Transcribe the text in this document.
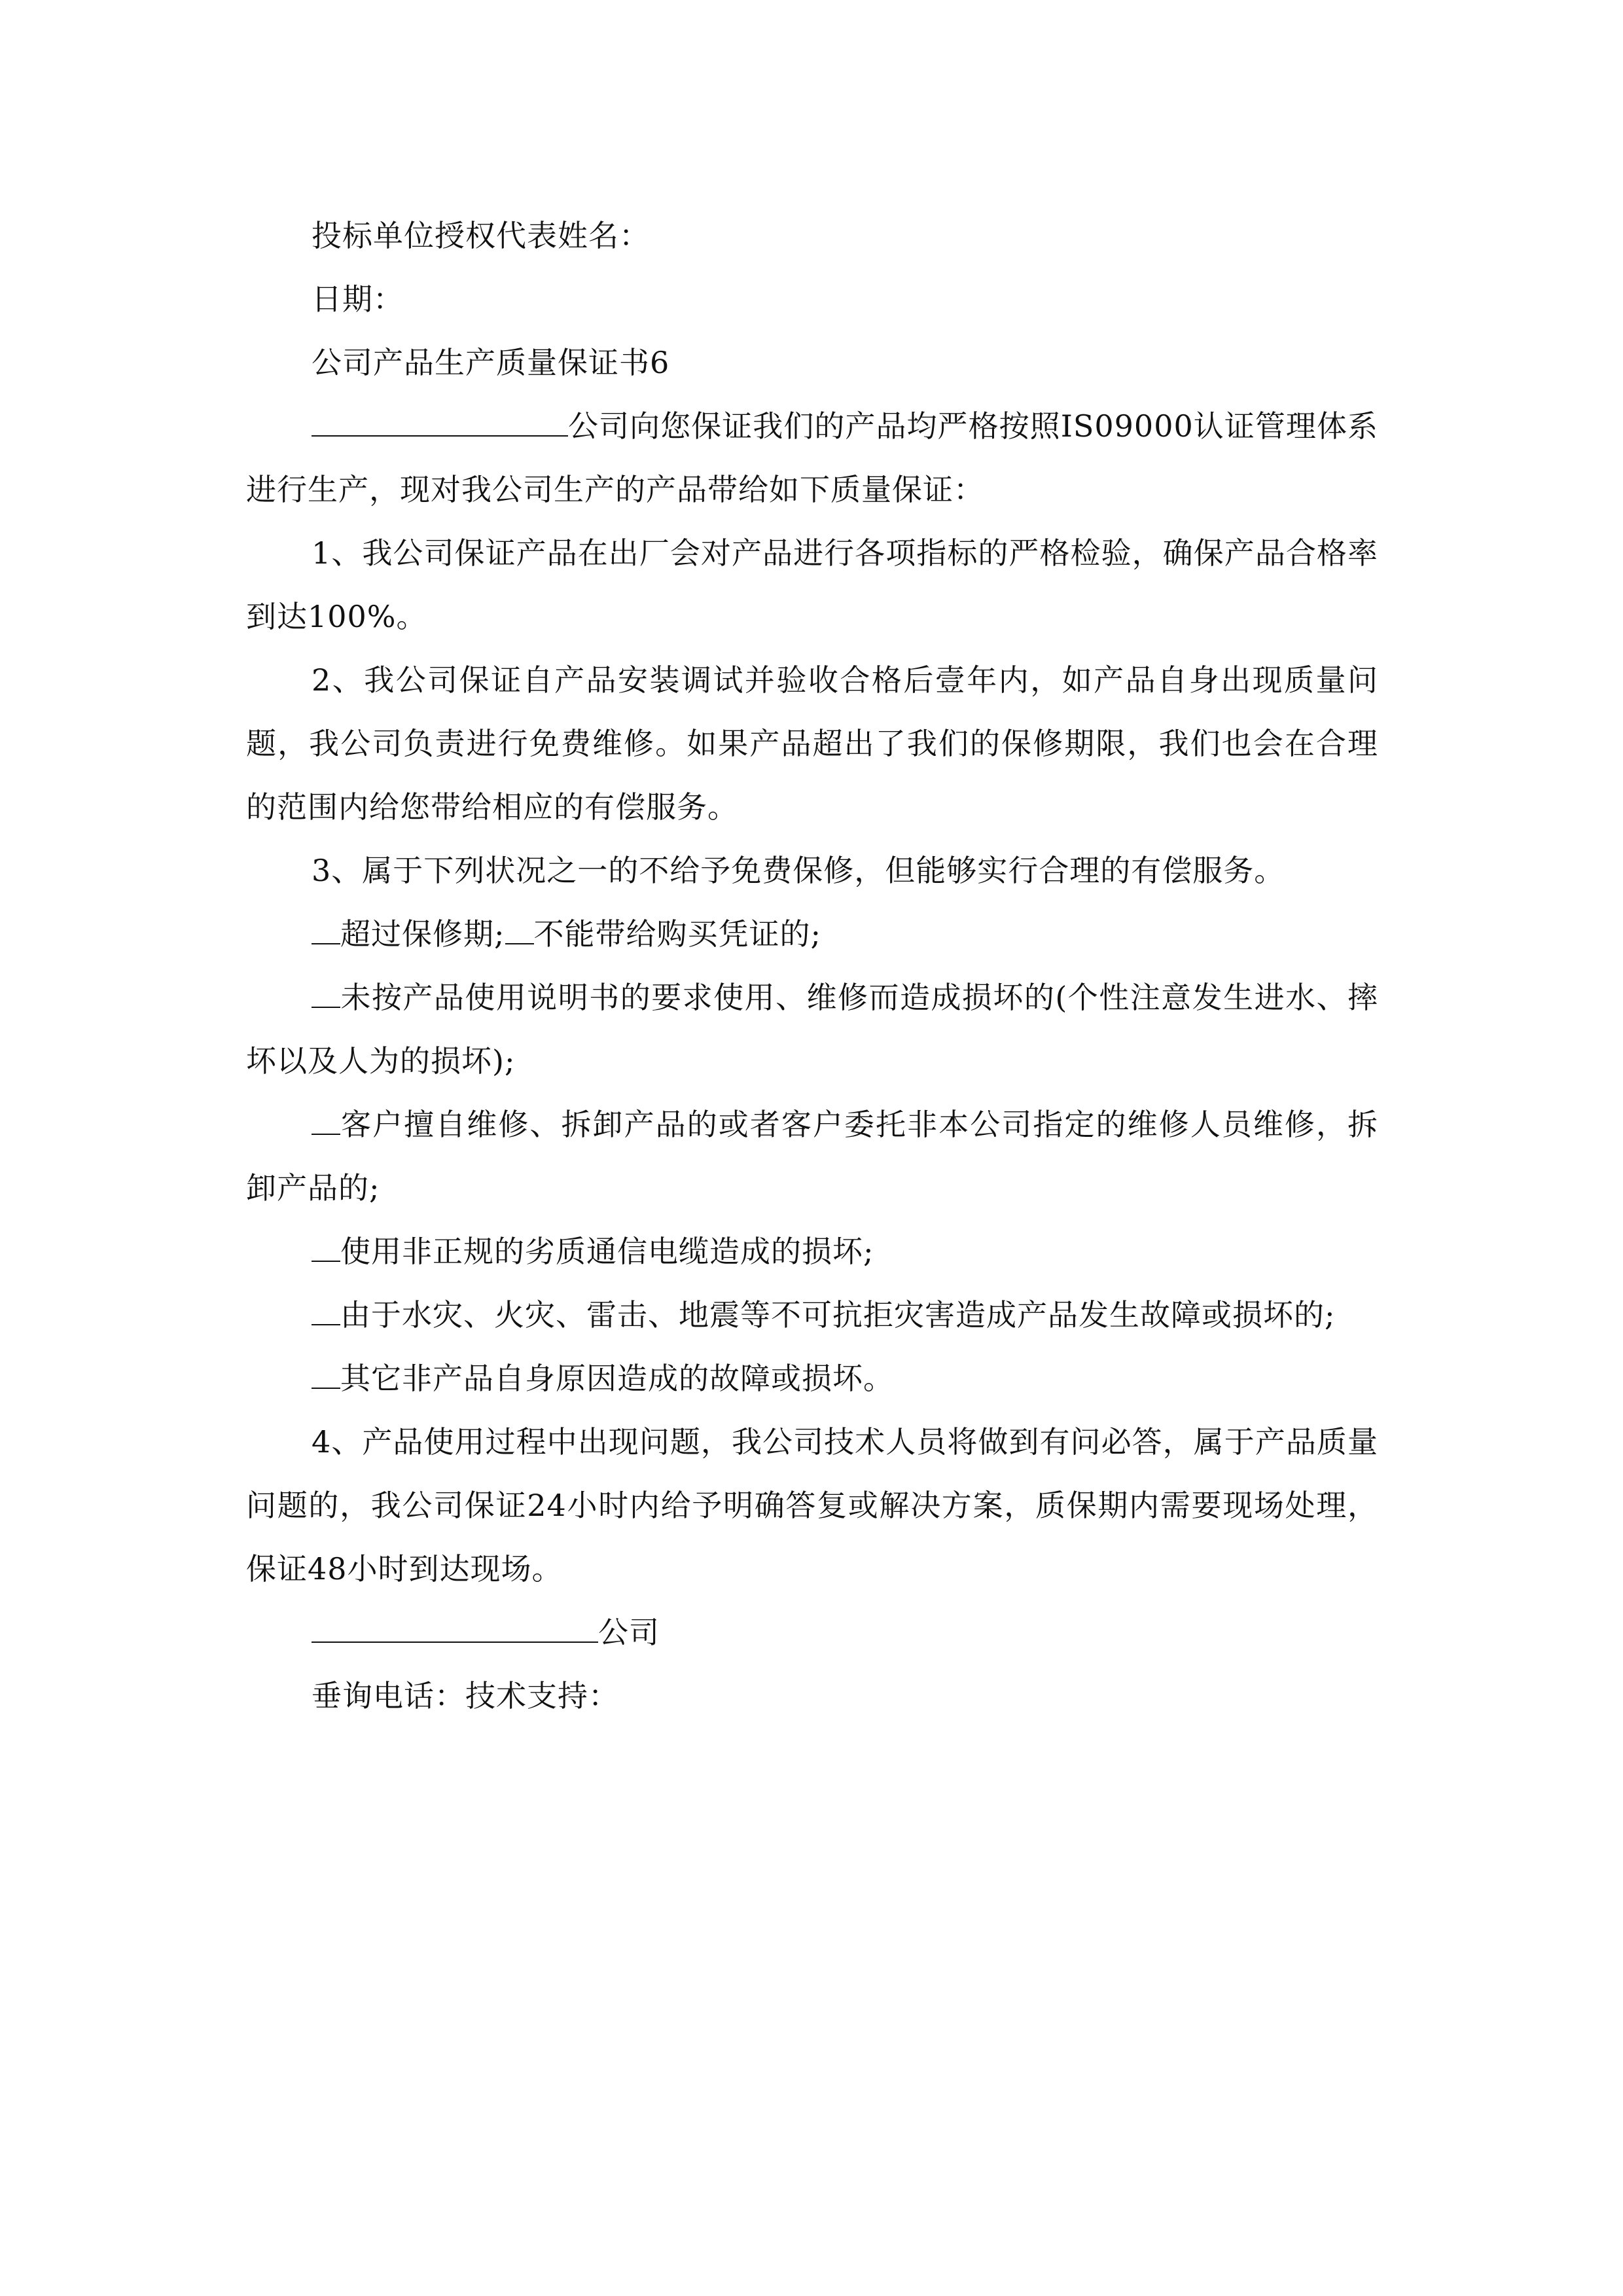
投标单位授权代表姓名：

日期：

公司产品生产质量保证书6

公司向您保证我们的产品均严格按照IS09000认证管理体系进行生产，现对我公司生产的产品带给如下质量保证：

1、我公司保证产品在出厂会对产品进行各项指标的严格检验，确保产品合格率到达100%。

2、我公司保证自产品安装调试并验收合格后壹年内，如产品自身出现质量问题，我公司负责进行免费维修。如果产品超出了我们的保修期限，我们也会在合理的范围内给您带给相应的有偿服务。

3、属于下列状况之一的不给予免费保修，但能够实行合理的有偿服务。

超过保修期; 不能带给购买凭证的;

未按产品使用说明书的要求使用、维修而造成损坏的(个性注意发生进水、摔坏以及人为的损坏);

客户擅自维修、拆卸产品的或者客户委托非本公司指定的维修人员维修，拆卸产品的;

使用非正规的劣质通信电缆造成的损坏;

由于水灾、火灾、雷击、地震等不可抗拒灾害造成产品发生故障或损坏的;

其它非产品自身原因造成的故障或损坏。

4、产品使用过程中出现问题，我公司技术人员将做到有问必答，属于产品质量问题的，我公司保证24小时内给予明确答复或解决方案，质保期内需要现场处理，保证48小时到达现场。

公司

垂询电话：技术支持：
